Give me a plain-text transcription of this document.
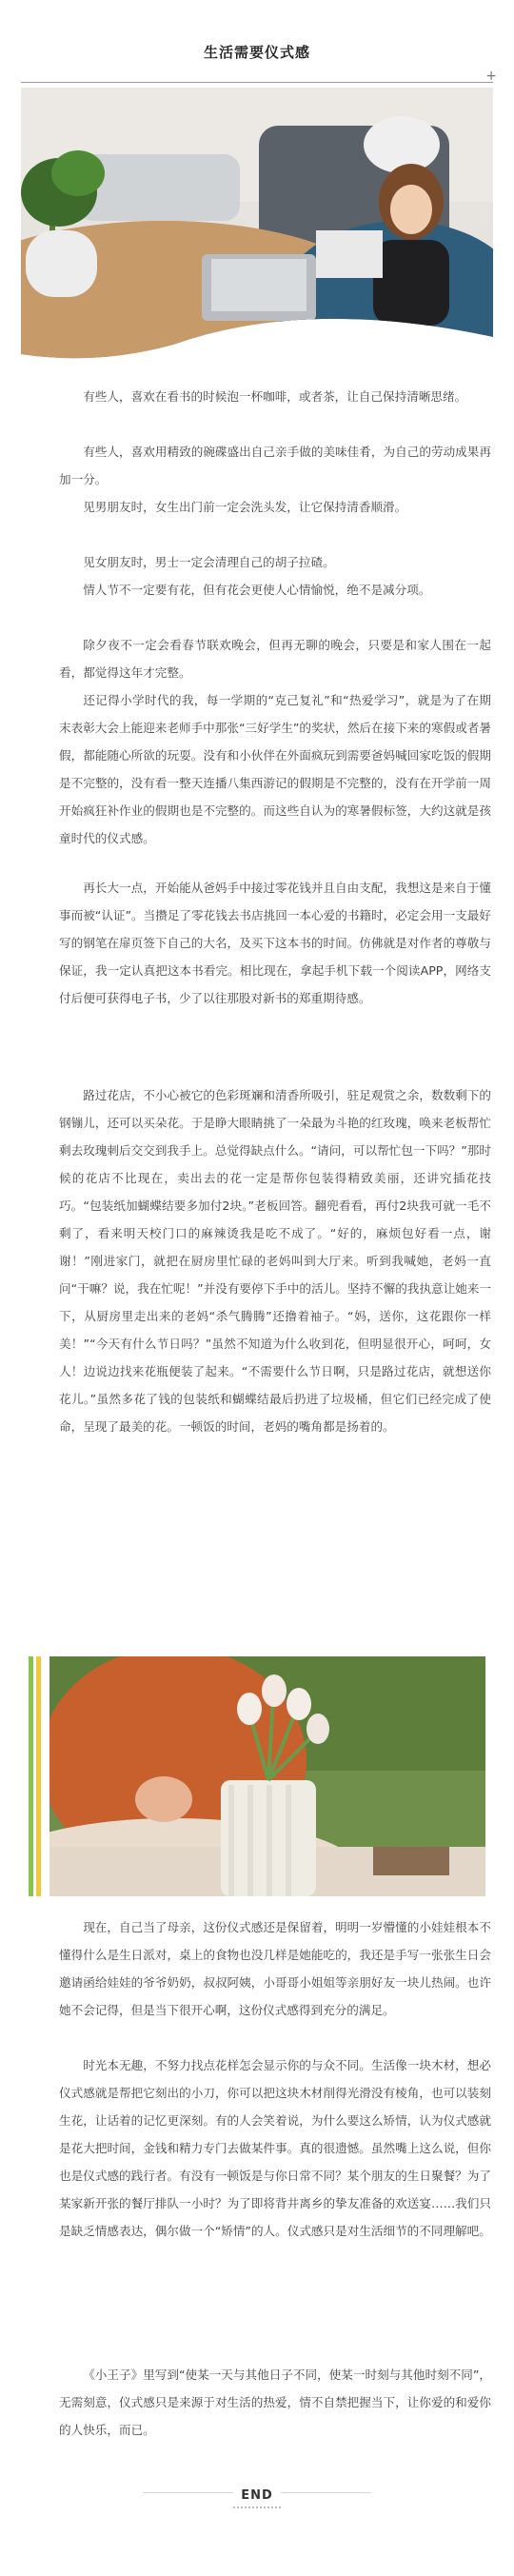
生活需要仪式感
+
有些人，喜欢在看书的时候泡一杯咖啡，或者茶，让自己保持清晰思绪。
有些人，喜欢用精致的碗碟盛出自己亲手做的美味佳肴，为自己的劳动成果再加一分。
见男朋友时，女生出门前一定会洗头发，让它保持清香顺滑。
见女朋友时，男士一定会清理自己的胡子拉碴。
情人节不一定要有花，但有花会更使人心情愉悦，绝不是减分项。
除夕夜不一定会看春节联欢晚会，但再无聊的晚会，只要是和家人围在一起看，都觉得这年才完整。
还记得小学时代的我，每一学期的“克己复礼”和“热爱学习”，就是为了在期末表彰大会上能迎来老师手中那张“三好学生”的奖状，然后在接下来的寒假或者暑假，都能随心所欲的玩耍。没有和小伙伴在外面疯玩到需要爸妈喊回家吃饭的假期是不完整的，没有看一整天连播八集西游记的假期是不完整的，没有在开学前一周开始疯狂补作业的假期也是不完整的。而这些自认为的寒暑假标签，大约这就是孩童时代的仪式感。
再长大一点，开始能从爸妈手中接过零花钱并且自由支配，我想这是来自于懂事而被“认证”。当攒足了零花钱去书店挑回一本心爱的书籍时，必定会用一支最好写的钢笔在扉页签下自己的大名，及买下这本书的时间。仿佛就是对作者的尊敬与保证，我一定认真把这本书看完。相比现在，拿起手机下载一个阅读APP，网络支付后便可获得电子书，少了以往那股对新书的郑重期待感。
路过花店，不小心被它的色彩斑斓和清香所吸引，驻足观赏之余，数数剩下的钢镚儿，还可以买朵花。于是睁大眼睛挑了一朵最为斗艳的红玫瑰，唤来老板帮忙剩去玫瑰刺后交交到我手上。总觉得缺点什么。“请问，可以帮忙包一下吗？”那时候的花店不比现在，卖出去的花一定是帮你包装得精致美丽，还讲究插花技巧。“包装纸加蝴蝶结要多加付2块。”老板回答。翻兜看看，再付2块我可就一毛不剩了，看来明天校门口的麻辣烫我是吃不成了。“好的，麻烦包好看一点，谢谢！”刚进家门，就把在厨房里忙碌的老妈叫到大厅来。听到我喊她，老妈一直问“干嘛？说，我在忙呢！”并没有要停下手中的活儿。坚持不懈的我执意让她来一下，从厨房里走出来的老妈“杀气腾腾”还撸着袖子。“妈，送你，这花跟你一样美！”“今天有什么节日吗？”虽然不知道为什么收到花，但明显很开心，呵呵，女人！边说边找来花瓶便装了起来。“不需要什么节日啊，只是路过花店，就想送你花儿。”虽然多花了钱的包装纸和蝴蝶结最后扔进了垃圾桶，但它们已经完成了使命，呈现了最美的花。一顿饭的时间，老妈的嘴角都是扬着的。
现在，自己当了母亲，这份仪式感还是保留着，明明一岁懵懂的小娃娃根本不懂得什么是生日派对，桌上的食物也没几样是她能吃的，我还是手写一张张生日会邀请函给娃娃的爷爷奶奶，叔叔阿姨，小哥哥小姐姐等亲朋好友一块儿热闹。也许她不会记得，但是当下很开心啊，这份仪式感得到充分的满足。
时光本无趣，不努力找点花样怎会显示你的与众不同。生活像一块木材，想必仪式感就是帮把它刻出的小刀，你可以把这块木材削得光滑没有棱角，也可以装刻生花，让话着的记忆更深刻。有的人会笑着说，为什么要这么矫情，认为仪式感就是花大把时间，金钱和精力专门去做某件事。真的很遗憾。虽然嘴上这么说，但你也是仪式感的践行者。有没有一顿饭是与你日常不同？某个朋友的生日聚餐？为了某家新开张的餐厅排队一小时？为了即将背井离乡的挚友准备的欢送宴……我们只是缺乏情感表达，偶尔做一个“矫情”的人。仪式感只是对生活细节的不同理解吧。
《小王子》里写到“使某一天与其他日子不同，使某一时刻与其他时刻不同”，无需刻意，仪式感只是来源于对生活的热爱，情不自禁把握当下，让你爱的和爱你的人快乐，而已。
END
